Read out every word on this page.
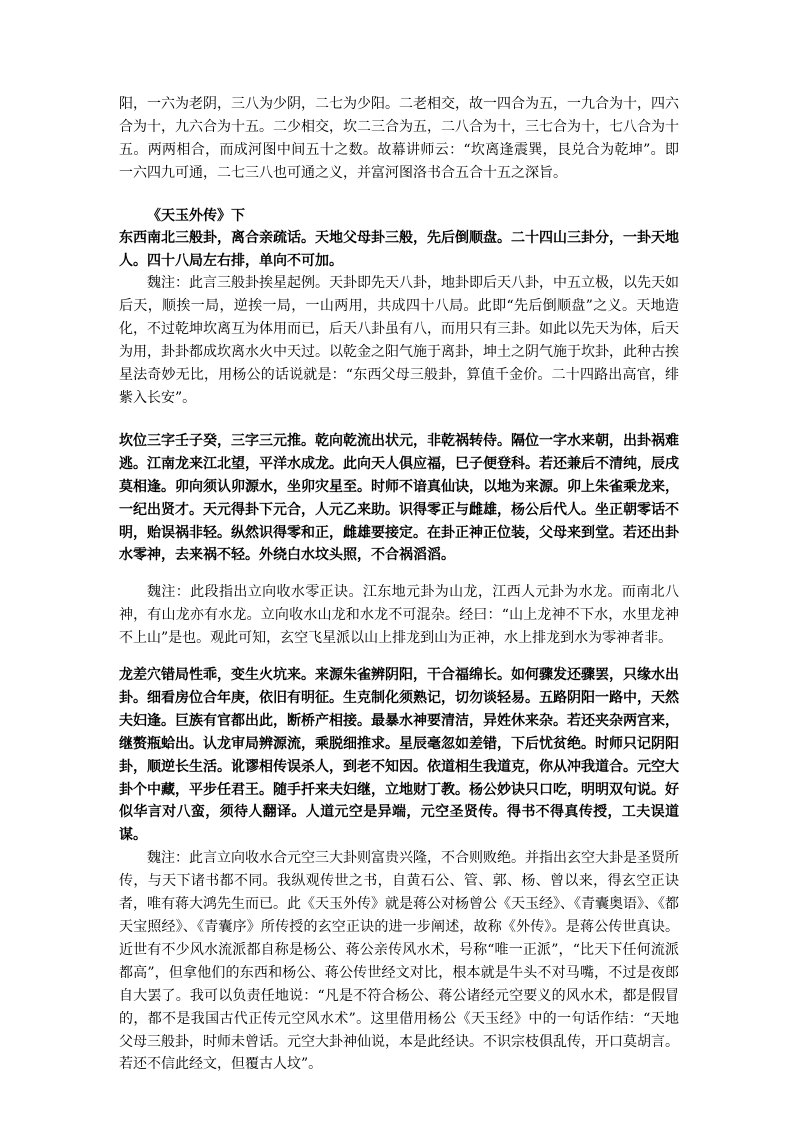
阳，一六为老阴，三八为少阴，二七为少阳。二老相交，故一四合为五，一九合为十，四六合为十，九六合为十五。二少相交，坎二三合为五，二八合为十，三七合为十，七八合为十五。两两相合，而成河图中间五十之数。故幕讲师云：“坎离逢震巽，艮兑合为乾坤”。即一六四九可通，二七三八也可通之义，并富河图洛书合五合十五之深旨。

《天玉外传》下

东西南北三般卦，离合亲疏话。天地父母卦三般，先后倒顺盘。二十四山三卦分，一卦天地人。四十八局左右排，单向不可加。

魏注：此言三般卦挨星起例。天卦即先天八卦，地卦即后天八卦，中五立极，以先天如后天，顺挨一局，逆挨一局，一山两用，共成四十八局。此即“先后倒顺盘”之义。天地造化，不过乾坤坎离互为体用而已，后天八卦虽有八，而用只有三卦。如此以先天为体，后天为用，卦卦都成坎离水火中天过。以乾金之阳气施于离卦，坤土之阴气施于坎卦，此种古挨星法奇妙无比，用杨公的话说就是：“东西父母三般卦，算值千金价。二十四路出高官，绯紫入长安”。

坎位三字壬子癸，三字三元推。乾向乾流出状元，非乾祸转侍。隔位一字水来朝，出卦祸难逃。江南龙来江北望，平洋水成龙。此向天人俱应福，巳子便登科。若还兼后不清纯，辰戌莫相逢。卯向须认卯源水，坐卯灾星至。时师不谙真仙诀，以地为来源。卯上朱雀乘龙来，一纪出贤才。天元得卦下元合，人元乙来助。识得零正与雌雄，杨公后代人。坐正朝零话不明，贻误祸非轻。纵然识得零和正，雌雄要接定。在卦正神正位装，父母来到堂。若还出卦水零神，去来祸不轻。外绕白水坟头照，不合祸滔滔。

魏注：此段指出立向收水零正诀。江东地元卦为山龙，江西人元卦为水龙。而南北八神，有山龙亦有水龙。立向收水山龙和水龙不可混杂。经曰：“山上龙神不下水，水里龙神不上山”是也。观此可知，玄空飞星派以山上排龙到山为正神，水上排龙到水为零神者非。

龙差穴错局性乖，变生火坑来。来源朱雀辨阴阳，干合福绵长。如何骤发还骤罢，只缘水出卦。细看房位合年庚，依旧有明征。生克制化须熟记，切勿谈轻易。五路阴阳一路中，天然夫妇逢。巨族有官都出此，断桥产相接。最暴水神要清洁，异姓休来杂。若还夹杂两宫来，继赘瓶蛤出。认龙审局辨源流，乘脱细推求。星辰毫忽如差错，下后忧贫绝。时师只记阴阳卦，顺逆长生活。讹谬相传误杀人，到老不知因。依道相生我道克，你从冲我道合。元空大卦个中藏，平步任君王。随手扦来夫妇继，立地财丁教。杨公妙诀只口吃，明明双句说。好似华言对八蛮，须待人翻译。人道元空是异端，元空圣贤传。得书不得真传授，工夫误道谋。

魏注：此言立向收水合元空三大卦则富贵兴隆，不合则败绝。并指出玄空大卦是圣贤所传，与天下诸书都不同。我纵观传世之书，自黄石公、管、郭、杨、曾以来，得玄空正诀者，唯有蒋大鸿先生而已。此《天玉外传》就是蒋公对杨曾公《天玉经》、《青囊奥语》、《都天宝照经》、《青囊序》所传授的玄空正诀的进一步阐述，故称《外传》。是蒋公传世真诀。近世有不少风水流派都自称是杨公、蒋公亲传风水术，号称“唯一正派”，“比天下任何流派都高”，但拿他们的东西和杨公、蒋公传世经文对比，根本就是牛头不对马嘴，不过是夜郎自大罢了。我可以负责任地说：“凡是不符合杨公、蒋公诸经元空要义的风水术，都是假冒的，都不是我国古代正传元空风水术”。这里借用杨公《天玉经》中的一句话作结：“天地父母三般卦，时师未曾话。元空大卦神仙说，本是此经诀。不识宗枝俱乱传，开口莫胡言。若还不信此经文，但覆古人坟”。
